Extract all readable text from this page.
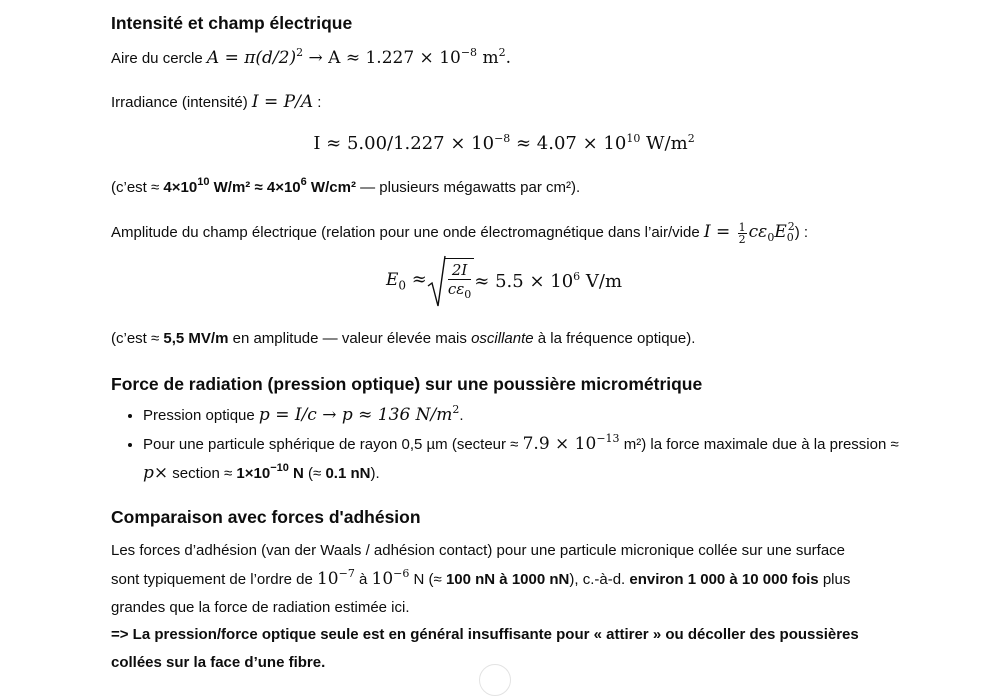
Intensité et champ électrique

Aire du cercle $A = \pi(d/2)^2 \to A \approx 1.227 \times 10^{-8}$ $m^2$.

Irradiance (intensité) I = P/A :

$I \approx 5.00/1.227 \times 10^{-8} \approx 4.07 \times 10^{10}$ $W/m^2$

(c’est ≈ $4\times 10^{10}$ $W/m^2 \approx 4\times 10^6$ W/cm² — plusieurs mégawatts par cm²).

Amplitude du champ électrique (relation pour une onde électromagnétique dans l’air/vide $I = \frac{1}{2} c\varepsilon_0E_0^2$) :

$E_0 \approx \frac{2I}{c\varepsilon_0} \approx 5.5 \times 10^6$ V/m

(c’est ≈ 5,5 MV/m en amplitude — valeur élevée mais oscillante à la fréquence optique).

Force de radiation (pression optique) sur une poussière micrométrique
• Pression optique p = I/c → p ≈ 136 $N/m^2$.
• Pour une particule sphérique de rayon 0,5 µm (secteur ≈ $7.9 \times 10^{-13}$ m²) la force maximale due à la pression ≈ p× section ≈ $1\times 10^{-10}$ N (≈ 0.1 nN).
Comparaison avec forces d'adhésion

Les forces d’adhésion (van der Waals / adhésion contact) pour une particule micronique collée sur une surface sont typiquement de l’ordre de $10^{-7}$ à $10^{-6}$ N (≈ 100 nN à 1000 nN), c.-à-d. environ 1 000 à 10 000 fois plus grandes que la force de radiation estimée ici.

=> La pression/force optique seule est en général insuffisante pour « attirer » ou décoller des poussières collées sur la face d’une fibre.
